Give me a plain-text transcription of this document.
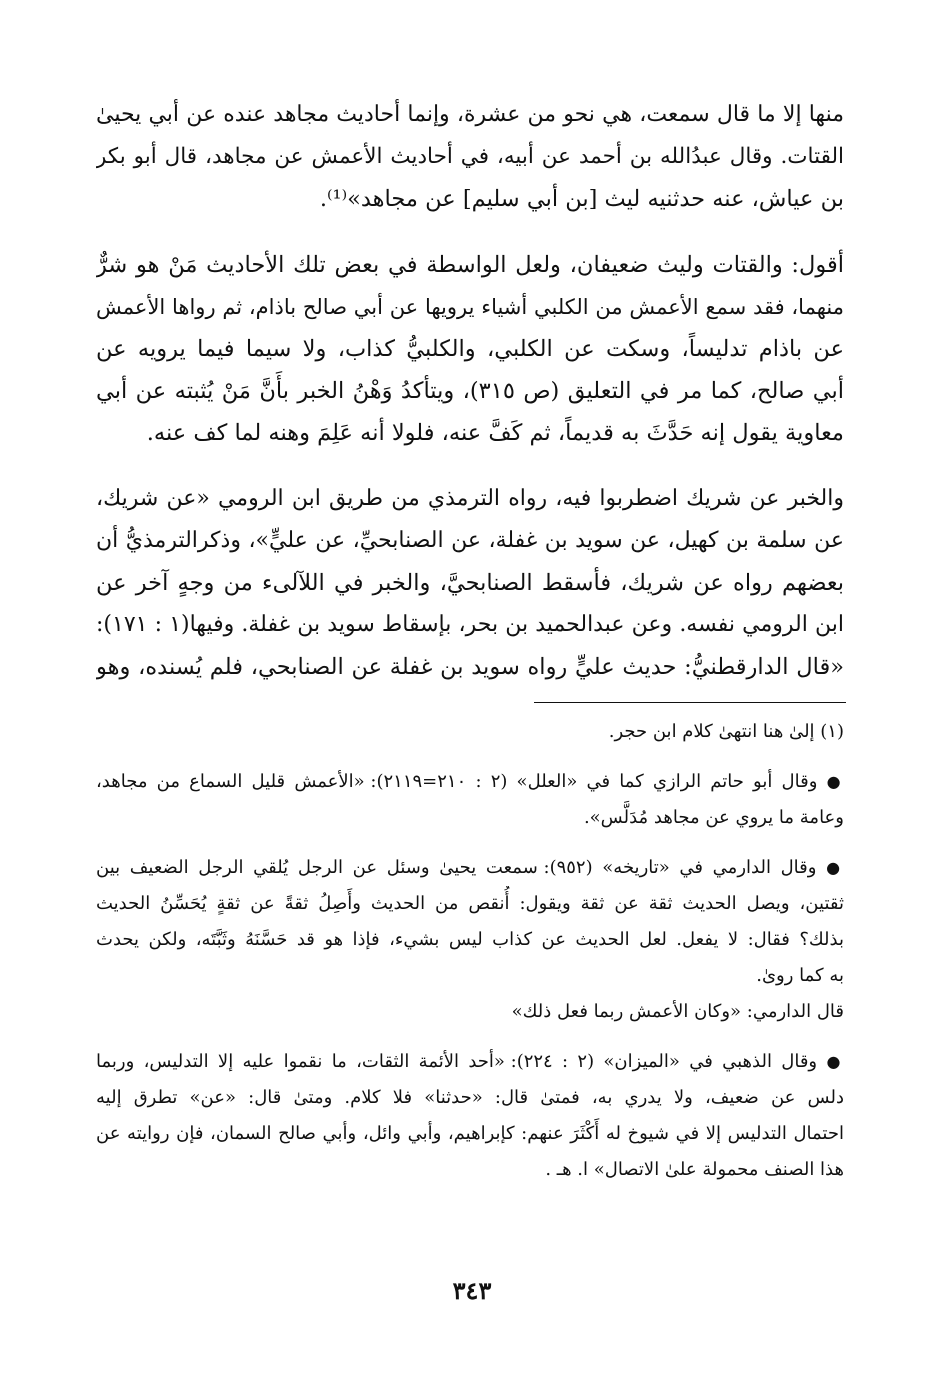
منها إلا ما قال سمعت، هي نحو من عشرة، وإنما أحاديث مجاهد عنده عن أبي يحيىٰ
القتات. وقال عبدُالله بن أحمد عن أبيه، في أحاديث الأعمش عن مجاهد، قال أبو بكر
بن عياش، عنه حدثنيه ليث [بن أبي سليم] عن مجاهد»⁽¹⁾.
أقول: والقتات وليث ضعيفان، ولعل الواسطة في بعض تلك الأحاديث مَنْ هو شرٌّ
منهما، فقد سمع الأعمش من الكلبي أشياء يرويها عن أبي صالح باذام، ثم رواها الأعمش
عن باذام تدليساً، وسكت عن الكلبي، والكلبيُّ كذاب، ولا سيما فيما يرويه عن
أبي صالح، كما مر في التعليق (ص ٣١٥)، ويتأكدُ وَهْنُ الخبر بأَنَّ مَنْ يُثبته عن أبي
معاوية يقول إنه حَدَّثَ به قديماً، ثم كَفَّ عنه، فلولا أنه عَلِمَ وهنه لما كف عنه.
والخبر عن شريك اضطربوا فيه، رواه الترمذي من طريق ابن الرومي «عن شريك،
عن سلمة بن كهيل، عن سويد بن غفلة، عن الصنابحيِّ، عن عليٍّ»، وذكرالترمذيُّ أن
بعضهم رواه عن شريك، فأسقط الصنابحيَّ، والخبر في اللآلىء من وجهٍ آخر عن
ابن الرومي نفسه. وعن عبدالحميد بن بحر، بإسقاط سويد بن غفلة. وفيها(١ : ١٧١):
«قال الدارقطنيُّ: حديث عليٍّ رواه سويد بن غفلة عن الصنابحي، فلم يُسنده، وهو
(١) إلىٰ هنا انتهىٰ كلام ابن حجر.
● وقال أبو حاتم الرازي كما في «العلل» (٢ : ٢١٠=٢١١٩): «الأعمش قليل السماع من مجاهد،
وعامة ما يروي عن مجاهد مُدَلَّس».
● وقال الدارمي في «تاريخه» (٩٥٢): سمعت يحيىٰ وسئل عن الرجل يُلقي الرجل الضعيف بين
ثقتين، ويصل الحديث ثقة عن ثقة ويقول: أُنقص من الحديث وأَصِلُ ثقةً عن ثقةٍ يُحَسِّنُ الحديث
بذلك؟ فقال: لا يفعل. لعل الحديث عن كذاب ليس بشيء، فإذا هو قد حَسَّنَهُ وثَبَّتَه، ولكن يحدث
به كما روىٰ.
قال الدارمي: «وكان الأعمش ربما فعل ذلك»
● وقال الذهبي في «الميزان» (٢ : ٢٢٤): «أحد الأئمة الثقات، ما نقموا عليه إلا التدليس، وربما
دلس عن ضعيف، ولا يدري به، فمتىٰ قال: «حدثنا» فلا كلام. ومتىٰ قال: «عن» تطرق إليه
احتمال التدليس إلا في شيوخ له أَكْثَرَ عنهم: كإبراهيم، وأبي وائل، وأبي صالح السمان، فإن روايته عن
هذا الصنف محمولة علىٰ الاتصال» ا. هـ .
٣٤٣
